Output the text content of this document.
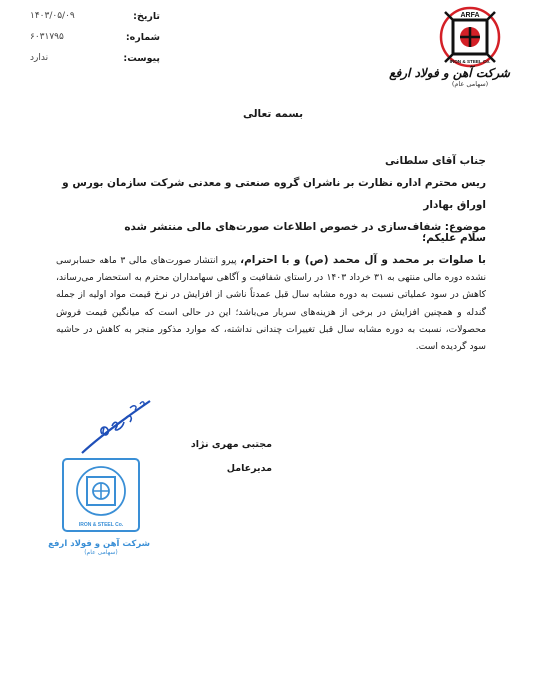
تاریخ:
۱۴۰۳/۰۵/۰۹
شماره:
۶۰۳۱۷۹۵
پیوست:
ندارد
ARFA
IRON & STEEL Co.
شرکت آهن و فولاد ارفع
(سهامی عام)
بسمه تعالی
جناب آقای سلطانی
ریس محترم اداره نظارت بر ناشران گروه صنعتی و معدنی شرکت سازمان بورس و اوراق بهادار
موضوع: شفاف‌سازی در خصوص اطلاعات صورت‌های مالی منتشر شده
سلام علیکم؛
با صلوات بر محمد و آل محمد (ص) و با احترام، پیرو انتشار صورت‌های مالی ۳ ماهه حسابرسی نشده دوره مالی منتهی به ۳۱ خرداد ۱۴۰۳ در راستای شفافیت و آگاهی سهامداران محترم به استحضار می‌رساند، کاهش در سود عملیاتی نسبت به دوره مشابه سال قبل عمدتاً ناشی از افزایش در نرخ قیمت مواد اولیه از جمله گندله و همچنین افزایش در برخی از هزینه‌های سربار می‌باشد؛ این در حالی است که میانگین قیمت فروش محصولات، نسبت به دوره مشابه سال قبل تغییرات چندانی نداشته، که موارد مذکور منجر به کاهش در حاشیه سود گردیده است.
مجتبی مهری نژاد
مدیرعامل
IRON & STEEL Co.
شرکت آهن و فولاد ارفع
(سهامی عام)
